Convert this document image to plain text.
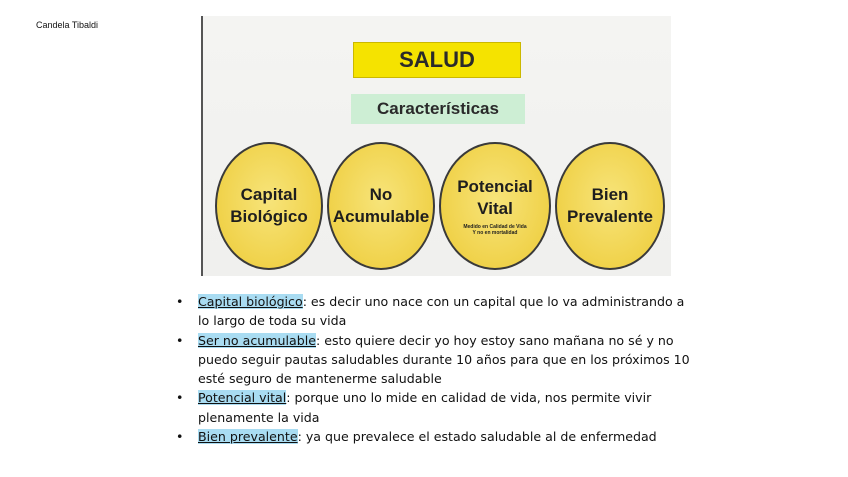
Candela Tibaldi
SALUD
Características
Capital
Biológico
No
Acumulable
Potencial
Vital
Medido en Calidad de Vida
Y no en mortalidad
Bien
Prevalente
• Capital biológico: es decir uno nace con un capital que lo va administrando a lo largo de toda su vida
• Ser no acumulable: esto quiere decir yo hoy estoy sano mañana no sé y no puedo seguir pautas saludables durante 10 años para que en los próximos 10 esté seguro de mantenerme saludable
• Potencial vital: porque uno lo mide en calidad de vida, nos permite vivir plenamente la vida
• Bien prevalente: ya que prevalece el estado saludable al de enfermedad
